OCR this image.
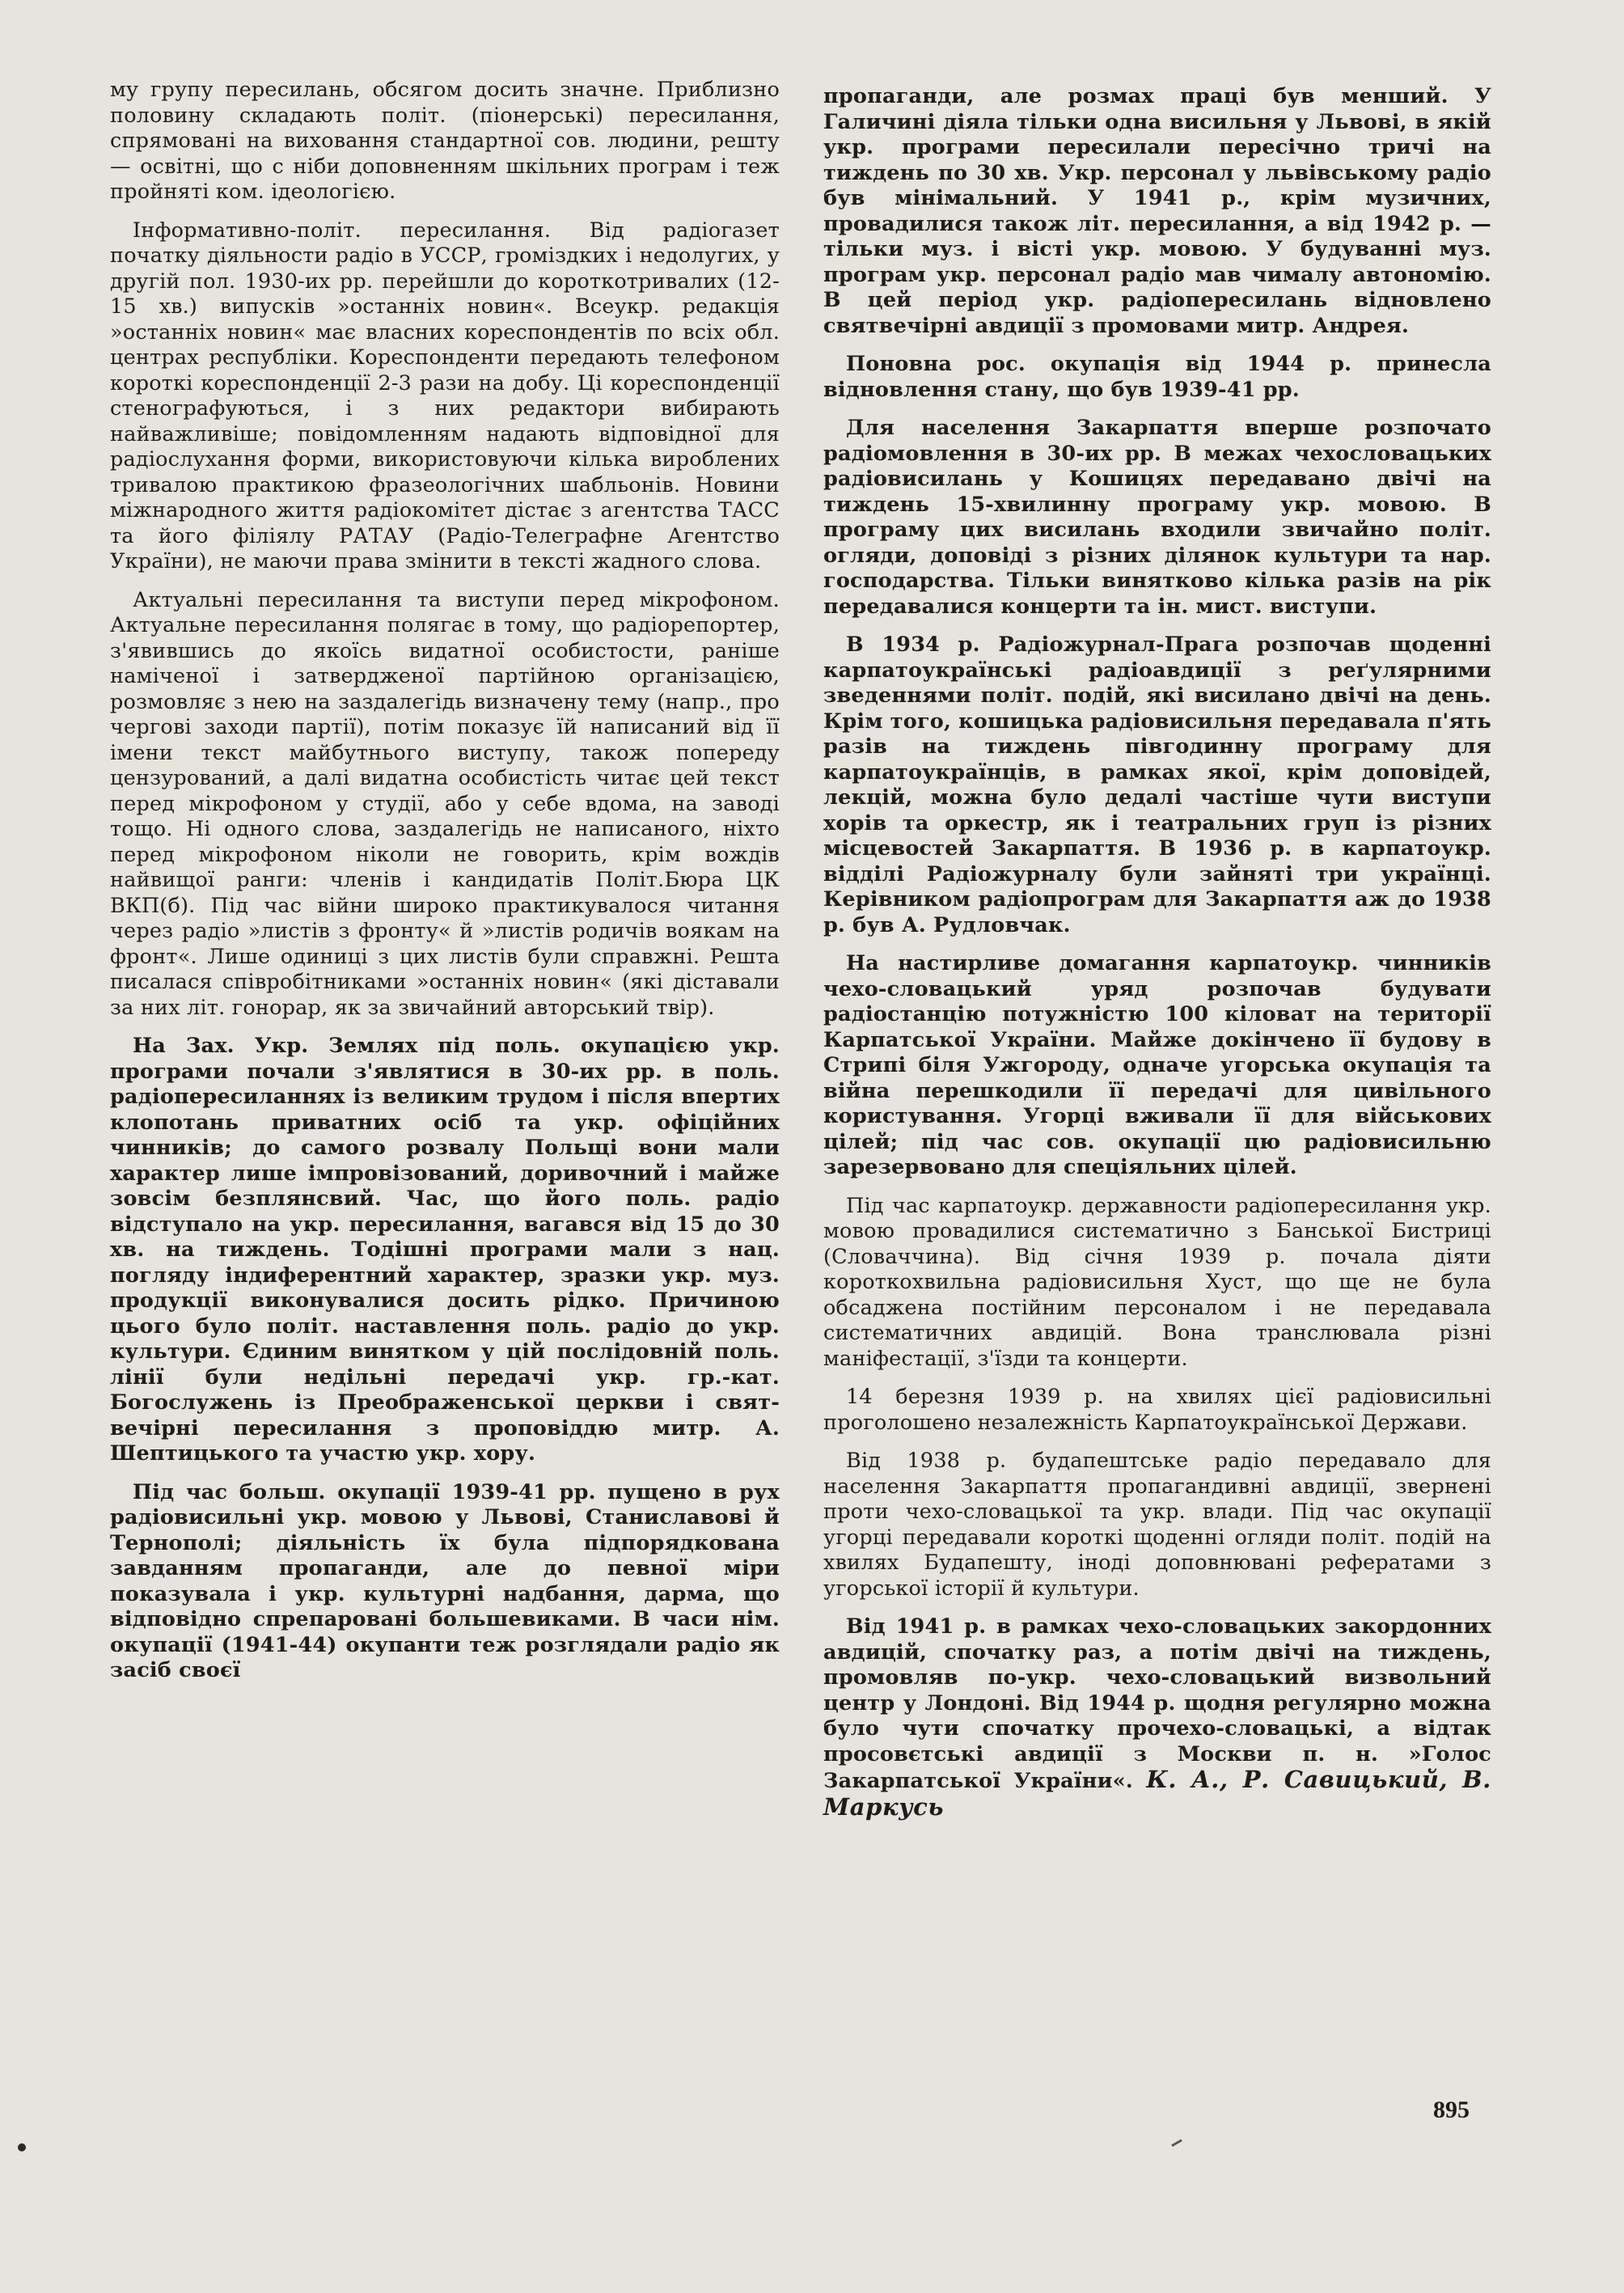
му групу пересилань, обсягом досить значне. Приблизно половину складають політ. (піонерські) пересилання, спрямовані на виховання стандартної сов. людини, решту — освітні, що с ніби доповненням шкільних програм і теж пройняті ком. ідеологією.

Інформативно-політ. пересилання. Від радіогазет початку діяльности радіо в УССР, громіздких і недолугих, у другій пол. 1930-их рр. перейшли до короткотривалих (12-15 хв.) випусків »останніх новин«. Всеукр. редакція »останніх новин« має власних кореспондентів по всіх обл. центрах республіки. Кореспонденти передають телефоном короткі кореспонденції 2-3 рази на добу. Ці кореспонденції стенографуються, і з них редактори вибирають найважливіше; повідомленням надають відповідної для радіослухання форми, використовуючи кілька вироблених тривалою практикою фразеологічних шабльонів. Новини міжнародного життя радіокомітет дістає з агентства ТАСС та його філіялу РАТАУ (Радіо-Телеграфне Агентство України), не маючи права змінити в тексті жадного слова.

Актуальні пересилання та виступи перед мікрофоном. Актуальне пересилання полягає в тому, що радіорепортер, з'явившись до якоїсь видатної особистости, раніше наміченої і затвердженої партійною організацією, розмовляє з нею на заздалегідь визначену тему (напр., про чергові заходи партії), потім показує їй написаний від її імени текст майбутнього виступу, також попереду цензурований, а далі видатна особистість читає цей текст перед мікрофоном у студії, або у себе вдома, на заводі тощо. Ні одного слова, заздалегідь не написаного, ніхто перед мікрофоном ніколи не говорить, крім вождів найвищої ранги: членів і кандидатів Політ.Бюра ЦК ВКП(б). Під час війни широко практикувалося читання через радіо »листів з фронту« й »листів родичів воякам на фронт«. Лише одиниці з цих листів були справжні. Решта писалася співробітниками »останніх новин« (які діставали за них літ. гонорар, як за звичайний авторський твір).

На Зах. Укр. Землях під поль. окупацією укр. програми почали з'являтися в 30-их рр. в поль. радіопересиланнях із великим трудом і після впертих клопотань приватних осіб та укр. офіційних чинників; до самого розвалу Польщі вони мали характер лише імпровізований, доривочний і майже зовсім безплянсвий. Час, що його поль. радіо відступало на укр. пересилання, вагався від 15 до 30 хв. на тиждень. Тодішні програми мали з нац. погляду індиферентний характер, зразки укр. муз. продукції виконувалися досить рідко. Причиною цього було політ. наставлення поль. радіо до укр. культури. Єдиним винятком у цій послідовній поль. лінії були недільні передачі укр. гр.-кат. Богослужень із Преображенської церкви і свят-вечірні пересилання з проповіддю митр. А. Шептицького та участю укр. хору.

Під час больш. окупації 1939-41 рр. пущено в рух радіовисильні укр. мовою у Львові, Станиславові й Тернополі; діяльність їх була підпорядкована завданням пропаганди, але до певної міри показувала і укр. культурні надбання, дарма, що відповідно спрепаровані большевиками. В часи нім. окупації (1941-44) окупанти теж розглядали радіо як засіб своєї

пропаганди, але розмах праці був менший. У Галичині діяла тільки одна висильня у Львові, в якій укр. програми пересилали пересічно тричі на тиждень по 30 хв. Укр. персонал у львівському радіо був мінімальний. У 1941 р., крім музичних, провадилися також літ. пересилання, а від 1942 р. — тільки муз. і вісті укр. мовою. У будуванні муз. програм укр. персонал радіо мав чималу автономію. В цей період укр. радіопересилань відновлено святвечірні авдиції з промовами митр. Андрея.

Поновна рос. окупація від 1944 р. принесла відновлення стану, що був 1939-41 рр.

Для населення Закарпаття вперше розпочато радіомовлення в 30-их рр. В межах чехословацьких радіовисилань у Кошицях передавано двічі на тиждень 15-хвилинну програму укр. мовою. В програму цих висилань входили звичайно політ. огляди, доповіді з різних ділянок культури та нар. господарства. Тільки винятково кілька разів на рік передавалися концерти та ін. мист. виступи.

В 1934 р. Радіожурнал-Прага розпочав щоденні карпатоукраїнські радіоавдиції з реґулярними зведеннями політ. подій, які висилано двічі на день. Крім того, кошицька радіовисильня передавала п'ять разів на тиждень півгодинну програму для карпатоукраїнців, в рамках якої, крім доповідей, лекцій, можна було дедалі частіше чути виступи хорів та оркестр, як і театральних груп із різних місцевостей Закарпаття. В 1936 р. в карпатоукр. відділі Радіожурналу були зайняті три українці. Керівником радіопрограм для Закарпаття аж до 1938 р. був А. Рудловчак.

На настирливе домагання карпатоукр. чинників чехо-словацький уряд розпочав будувати радіостанцію потужністю 100 кіловат на території Карпатської України. Майже докінчено її будову в Стрипі біля Ужгороду, одначе угорська окупація та війна перешкодили її передачі для цивільного користування. Угорці вживали її для військових цілей; під час сов. окупації цю радіовисильню зарезервовано для спеціяльних цілей.

Під час карпатоукр. державности радіопересилання укр. мовою провадилися систематично з Банської Бистриці (Словаччина). Від січня 1939 р. почала діяти короткохвильна радіовисильня Хуст, що ще не була обсаджена постійним персоналом і не передавала систематичних авдицій. Вона транслювала різні маніфестації, з'їзди та концерти.

14 березня 1939 р. на хвилях цієї радіовисильні проголошено незалежність Карпатоукраїнської Держави.

Від 1938 р. будапештське радіо передавало для населення Закарпаття пропагандивні авдиції, звернені проти чехо-словацької та укр. влади. Під час окупації угорці передавали короткі щоденні огляди політ. подій на хвилях Будапешту, іноді доповнювані рефератами з угорської історії й культури.

Від 1941 р. в рамках чехо-словацьких закордонних авдицій, спочатку раз, а потім двічі на тиждень, промовляв по-укр. чехо-словацький визвольний центр у Лондоні. Від 1944 р. щодня регулярно можна було чути спочатку прочехо-словацькі, а відтак просовєтські авдиції з Москви п. н. »Голос Закарпатської України«. К. А., Р. Савицький, В. Маркусь

895
